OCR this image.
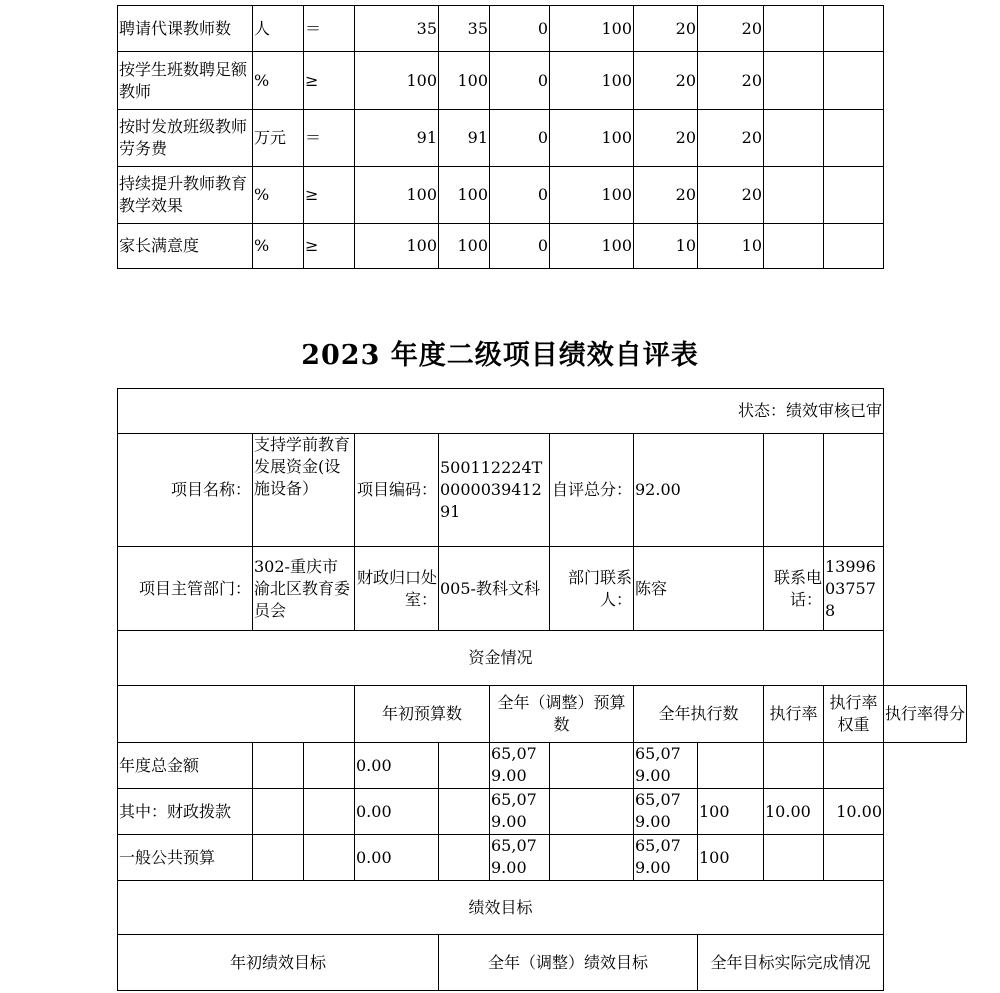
聘请代课教师数	人	＝	35	35	0	100	20	20		
按学生班数聘足额教师	%	≥	100	100	0	100	20	20		
按时发放班级教师劳务费	万元	＝	91	91	0	100	20	20		
持续提升教师教育教学效果	%	≥	100	100	0	100	20	20		
家长满意度	%	≥	100	100	0	100	10	10		
2023 年度二级项目绩效自评表
状态：绩效审核已审											
项目名称：	支持学前教育发展资金(设施设备）		项目编码：	500112224T000003941291		自评总分：	92.00				
项目主管部门：	302-重庆市渝北区教育委员会		财政归口处室：	005-教科文科		部门联系人：	陈容		联系电话：	13996037578	
资金情况											
			年初预算数		全年（调整）预算数		全年执行数		执行率	执行率权重	执行率得分
年度总金额			0.00		65,079.00		65,079.00				
其中：财政拨款			0.00		65,079.00		65,079.00	100	10.00	10.00	
一般公共预算			0.00		65,079.00		65,079.00	100			
绩效目标											
年初绩效目标				全年（调整）绩效目标				全年目标实际完成情况			
